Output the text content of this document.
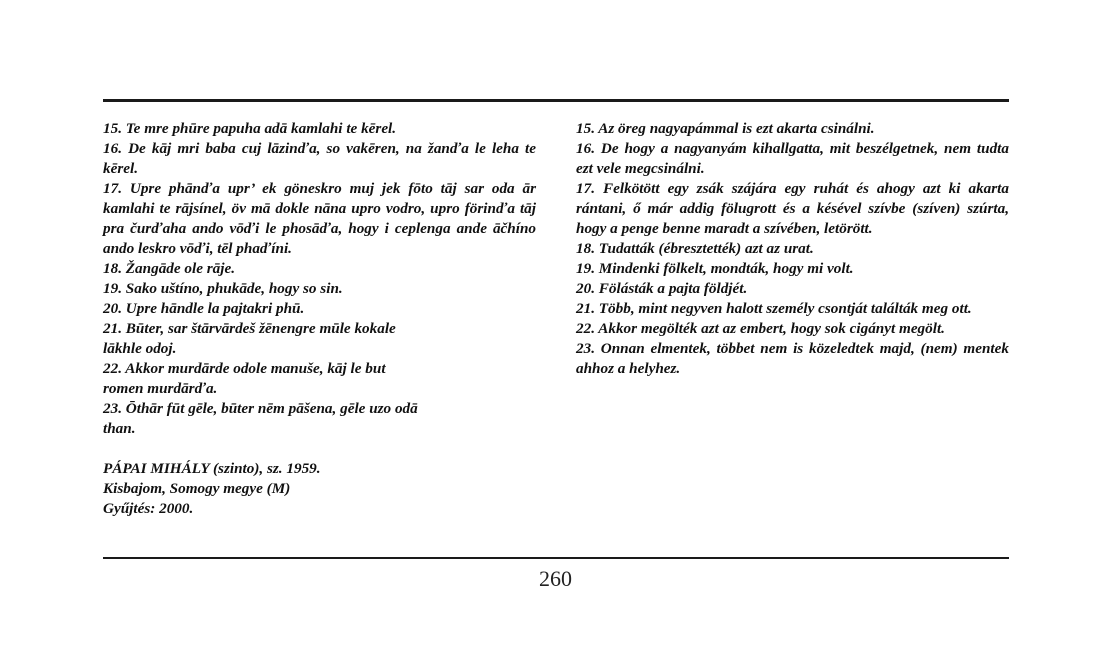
15. Te mre phūre papuha adā kamlahi te kērel.

16. De kāj mri baba cuj lāzinďa, so vakēren, na žanďa le leha te kērel.

17. Upre phānďa upr’ ek göneskro muj jek fōto tāj sar oda ār kamlahi te rājsínel, öv mā dokle nāna upro vodro, upro förinďa tāj pra čurďaha ando vōďi le phosāďa, hogy i ceplenga ande āčhíno ando leskro vōďi, tēl phaďíni.

18. Žangāde ole rāje.

19. Sako uštíno, phukāde, hogy so sin.

20. Upre hāndle la pajtakri phū.

21. Būter, sar štārvārdeš žēnengre mūle kokale
lākhle odoj.

22. Akkor murdārde odole manuše, kāj le but
romen murdārďa.

23. Ōthār fūt gēle, būter nēm pāšena, gēle uzo odā
than.

PÁPAI MIHÁLY (szinto), sz. 1959.
Kisbajom, Somogy megye (M)
Gyűjtés: 2000.

15. Az öreg nagyapámmal is ezt akarta csinálni.

16. De hogy a nagyanyám kihallgatta, mit beszélgetnek, nem tudta ezt vele megcsinálni.

17. Felkötött egy zsák szájára egy ruhát és ahogy azt ki akarta rántani, ő már addig fölugrott és a késével szívbe (szíven) szúrta, hogy a penge benne maradt a szívében, letörött.

18. Tudatták (ébresztették) azt az urat.

19. Mindenki fölkelt, mondták, hogy mi volt.

20. Fölásták a pajta földjét.

21. Több, mint negyven halott személy csontját találták meg ott.

22. Akkor megölték azt az embert, hogy sok cigányt megölt.

23. Onnan elmentek, többet nem is közeledtek majd, (nem) mentek ahhoz a helyhez.

260
